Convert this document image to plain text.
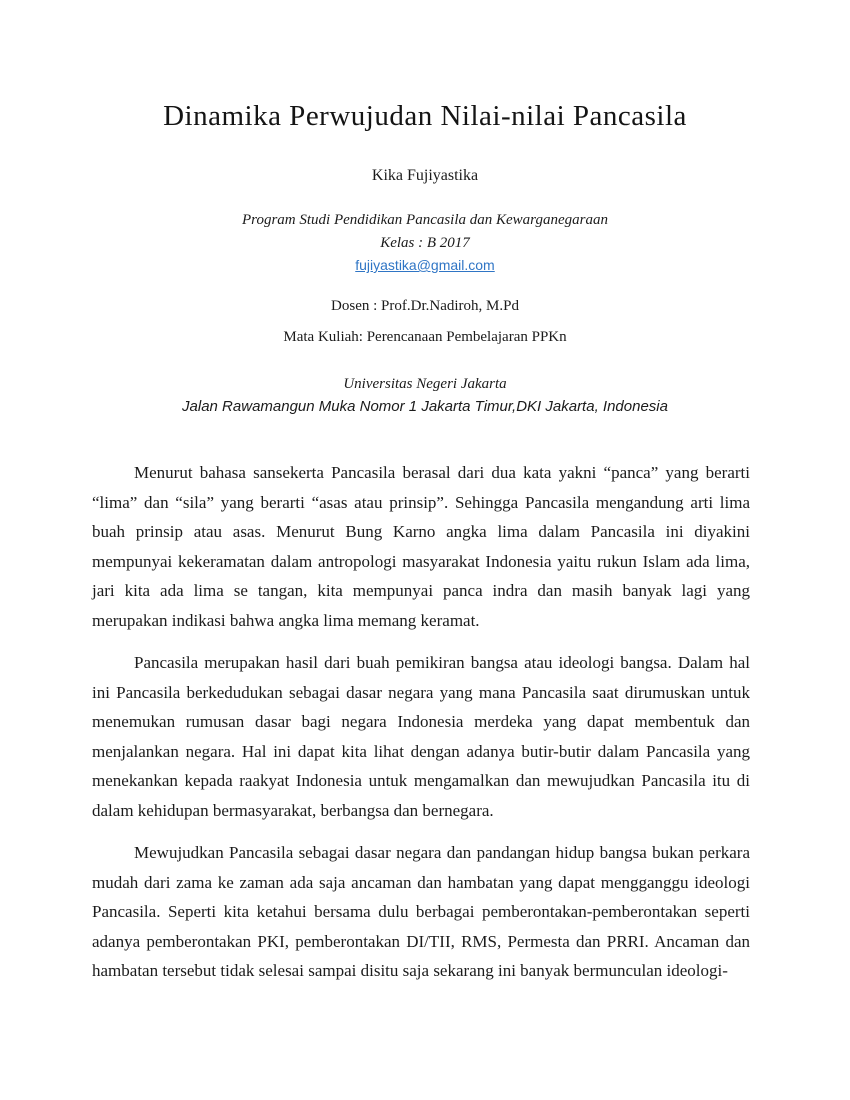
Dinamika Perwujudan Nilai-nilai Pancasila
Kika Fujiyastika
Program Studi Pendidikan Pancasila dan Kewarganegaraan
Kelas : B 2017
fujiyastika@gmail.com
Dosen : Prof.Dr.Nadiroh, M.Pd
Mata Kuliah: Perencanaan Pembelajaran PPKn
Universitas Negeri Jakarta
Jalan Rawamangun Muka Nomor 1 Jakarta Timur,DKI Jakarta, Indonesia

Menurut bahasa sansekerta Pancasila berasal dari dua kata yakni “panca” yang berarti “lima” dan “sila” yang berarti “asas atau prinsip”. Sehingga Pancasila mengandung arti lima buah prinsip atau asas. Menurut Bung Karno angka lima dalam Pancasila ini diyakini mempunyai kekeramatan dalam antropologi masyarakat Indonesia yaitu rukun Islam ada lima, jari kita ada lima se tangan, kita mempunyai panca indra dan masih banyak lagi yang merupakan indikasi bahwa angka lima memang keramat.

Pancasila merupakan hasil dari buah pemikiran bangsa atau ideologi bangsa. Dalam hal ini Pancasila berkedudukan sebagai dasar negara yang mana Pancasila saat dirumuskan untuk menemukan rumusan dasar bagi negara Indonesia merdeka yang dapat membentuk dan menjalankan negara. Hal ini dapat kita lihat dengan adanya butir-butir dalam Pancasila yang menekankan kepada raakyat Indonesia untuk mengamalkan dan mewujudkan Pancasila itu di dalam kehidupan bermasyarakat, berbangsa dan bernegara.

Mewujudkan Pancasila sebagai dasar negara dan pandangan hidup bangsa bukan perkara mudah dari zama ke zaman ada saja ancaman dan hambatan yang dapat mengganggu ideologi Pancasila. Seperti kita ketahui bersama dulu berbagai pemberontakan-pemberontakan seperti adanya pemberontakan PKI, pemberontakan DI/TII, RMS, Permesta dan PRRI. Ancaman dan hambatan tersebut tidak selesai sampai disitu saja sekarang ini banyak bermunculan ideologi-
